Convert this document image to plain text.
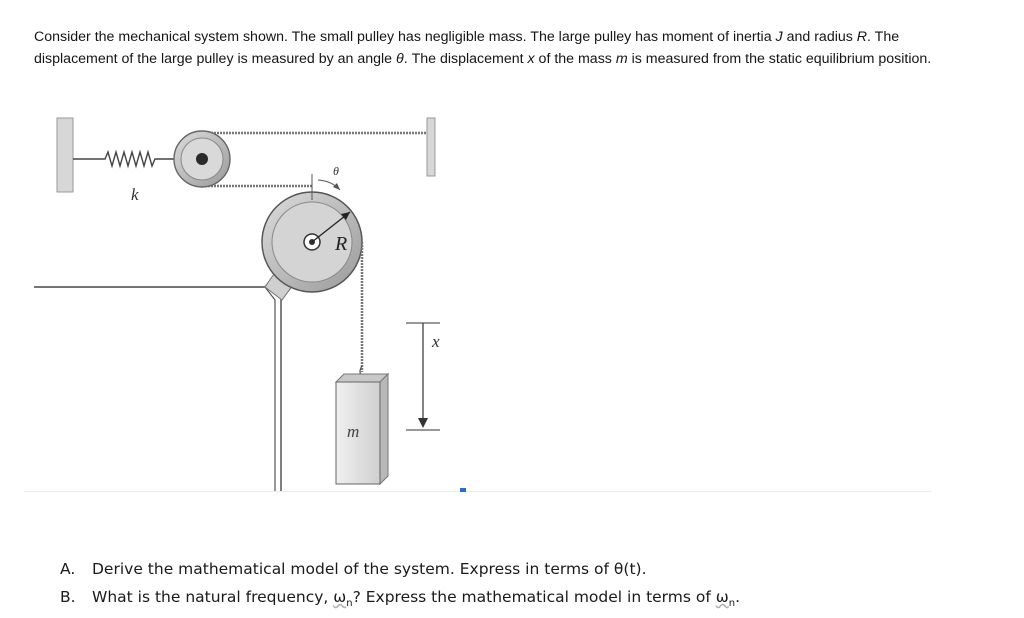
Consider the mechanical system shown. The small pulley has negligible mass. The large pulley has moment of inertia J and radius R. The displacement of the large pulley is measured by an angle θ. The displacement x of the mass m is measured from the static equilibrium position.
k
θ
R
x
m
A.	Derive the mathematical model of the system. Express in terms of θ(t).
B.	What is the natural frequency, $\omega_n$? Express the mathematical model in terms of $\omega_n$.
